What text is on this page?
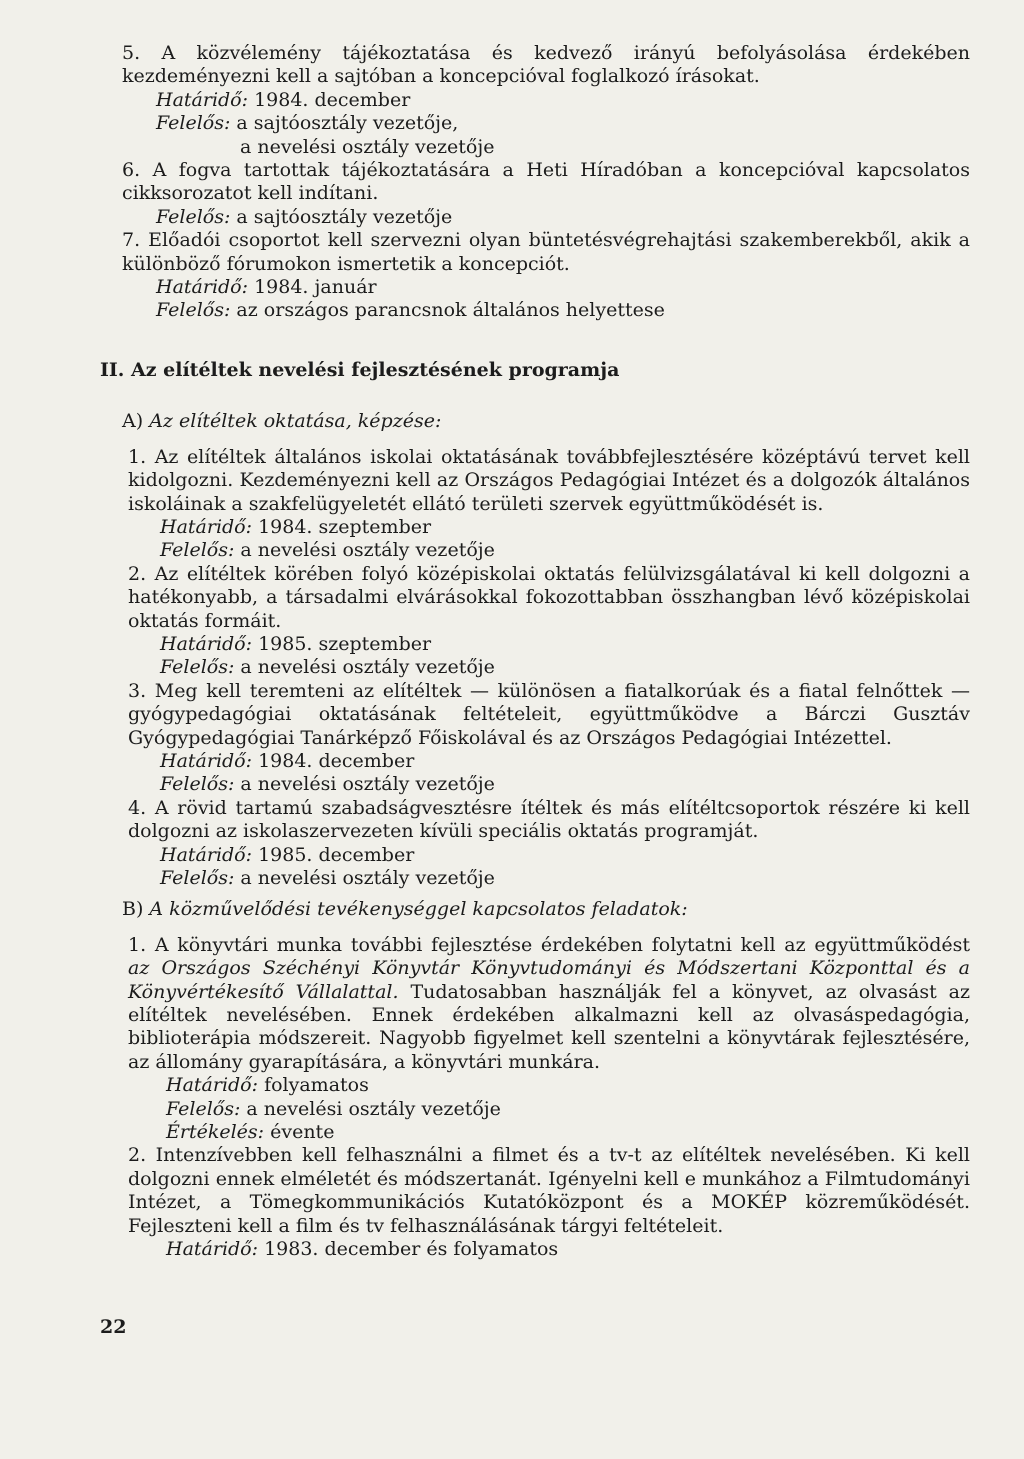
5. A közvélemény tájékoztatása és kedvező irányú befolyásolása érdekében kezdeményezni kell a sajtóban a koncepcióval foglalkozó írásokat.

Határidő: 1984. december

Felelős: a sajtóosztály vezetője,

a nevelési osztály vezetője

6. A fogva tartottak tájékoztatására a Heti Híradóban a koncepcióval kapcsolatos cikksorozatot kell indítani.

Felelős: a sajtóosztály vezetője

7. Előadói csoportot kell szervezni olyan büntetésvégrehajtási szakemberekből, akik a különböző fórumokon ismertetik a koncepciót.

Határidő: 1984. január

Felelős: az országos parancsnok általános helyettese

II. Az elítéltek nevelési fejlesztésének programja

A) Az elítéltek oktatása, képzése:

1. Az elítéltek általános iskolai oktatásának továbbfejlesztésére középtávú tervet kell kidolgozni. Kezdeményezni kell az Országos Pedagógiai Intézet és a dolgozók általános iskoláinak a szakfelügyeletét ellátó területi szervek együttműködését is.

Határidő: 1984. szeptember

Felelős: a nevelési osztály vezetője

2. Az elítéltek körében folyó középiskolai oktatás felülvizsgálatával ki kell dolgozni a hatékonyabb, a társadalmi elvárásokkal fokozottabban összhangban lévő középiskolai oktatás formáit.

Határidő: 1985. szeptember

Felelős: a nevelési osztály vezetője

3. Meg kell teremteni az elítéltek — különösen a fiatalkorúak és a fiatal felnőttek — gyógypedagógiai oktatásának feltételeit, együttműködve a Bárczi Gusztáv Gyógypedagógiai Tanárképző Főiskolával és az Országos Pedagógiai Intézettel.

Határidő: 1984. december

Felelős: a nevelési osztály vezetője

4. A rövid tartamú szabadságvesztésre ítéltek és más elítéltcsoportok részére ki kell dolgozni az iskolaszervezeten kívüli speciális oktatás programját.

Határidő: 1985. december

Felelős: a nevelési osztály vezetője

B) A közművelődési tevékenységgel kapcsolatos feladatok:

1. A könyvtári munka további fejlesztése érdekében folytatni kell az együttműködést az Országos Széchényi Könyvtár Könyvtudományi és Módszertani Központtal és a Könyvértékesítő Vállalattal. Tudatosabban használják fel a könyvet, az olvasást az elítéltek nevelésében. Ennek érdekében alkalmazni kell az olvasáspedagógia, biblioterápia módszereit. Nagyobb figyelmet kell szentelni a könyvtárak fejlesztésére, az állomány gyarapítására, a könyvtári munkára.

Határidő: folyamatos

Felelős: a nevelési osztály vezetője

Értékelés: évente

2. Intenzívebben kell felhasználni a filmet és a tv-t az elítéltek nevelésében. Ki kell dolgozni ennek elméletét és módszertanát. Igényelni kell e munkához a Filmtudományi Intézet, a Tömegkommunikációs Kutatóközpont és a MOKÉP közreműködését. Fejleszteni kell a film és tv felhasználásának tárgyi feltételeit.

Határidő: 1983. december és folyamatos

22
